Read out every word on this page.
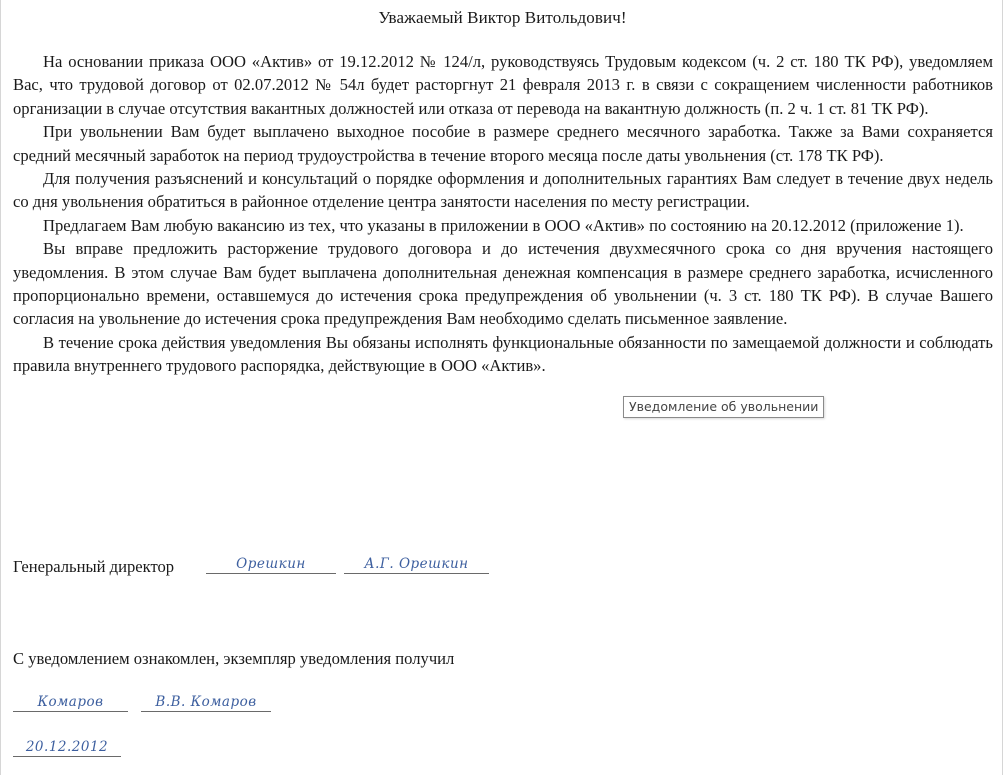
Уважаемый Виктор Витольдович!

На основании приказа ООО «Актив» от 19.12.2012 № 124/л, руководствуясь Трудовым кодексом (ч. 2 ст. 180 ТК РФ), уведомляем Вас, что трудовой договор от 02.07.2012 № 54л будет расторгнут 21 февраля 2013 г. в связи с сокращением численности работников организации в случае отсутствия вакантных должностей или отказа от перевода на вакантную должность (п. 2 ч. 1 ст. 81 ТК РФ).

При увольнении Вам будет выплачено выходное пособие в размере среднего месячного заработка. Также за Вами сохраняется средний месячный заработок на период трудоустройства в течение второго месяца после даты увольнения (ст. 178 ТК РФ).

Для получения разъяснений и консультаций о порядке оформления и дополнительных гарантиях Вам следует в течение двух недель со дня увольнения обратиться в районное отделение центра занятости населения по месту регистрации.

Предлагаем Вам любую вакансию из тех, что указаны в приложении в ООО «Актив» по состоянию на 20.12.2012 (приложение 1).

Вы вправе предложить расторжение трудового договора и до истечения двухмесячного срока со дня вручения настоящего уведомления. В этом случае Вам будет выплачена дополнительная денежная компенсация в размере среднего заработка, исчисленного пропорционально времени, оставшемуся до истечения срока предупреждения об увольнении (ч. 3 ст. 180 ТК РФ). В случае Вашего согласия на увольнение до истечения срока предупреждения Вам необходимо сделать письменное заявление.

В течение срока действия уведомления Вы обязаны исполнять функциональные обязанности по замещаемой должности и соблюдать правила внутреннего трудового распорядка, действующие в ООО «Актив».

Уведомление об увольнении
Генеральный директор	Орешкин	А.Г. Орешкин
С уведомлением ознакомлен, экземпляр уведомления получил
Комаров	В.В. Комаров
20.12.2012
